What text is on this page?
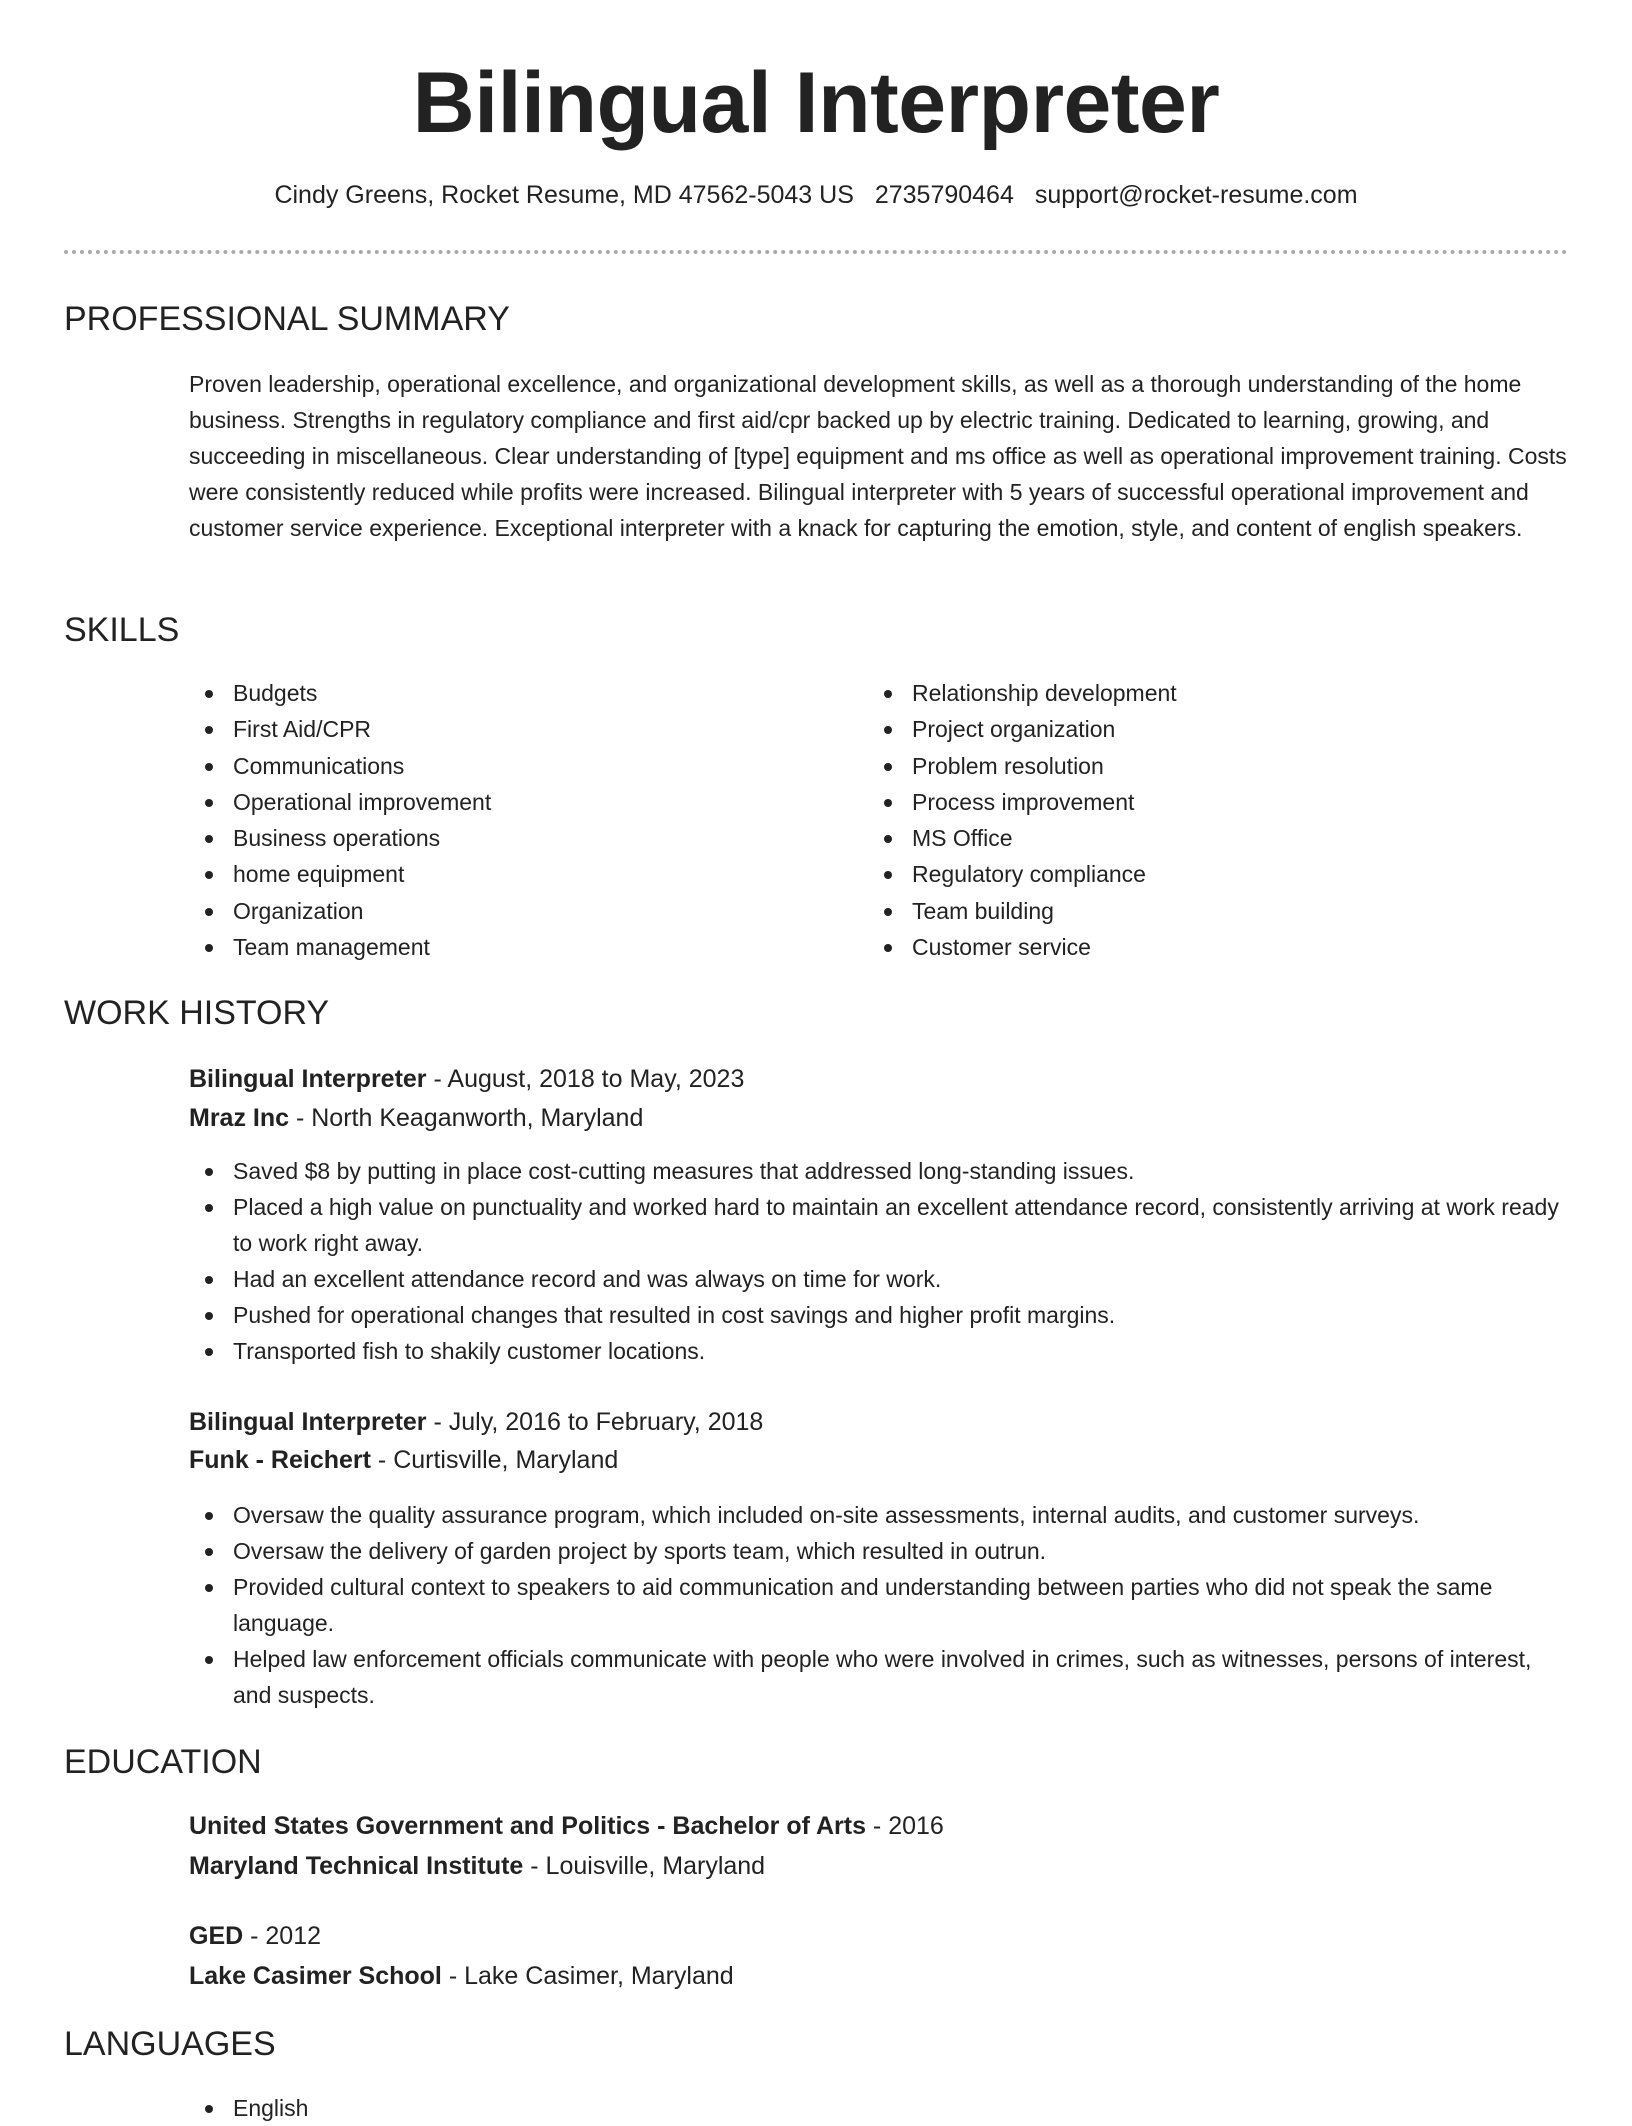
Bilingual Interpreter
Cindy Greens, Rocket Resume, MD 47562-5043 US 2735790464 support@rocket-resume.com
PROFESSIONAL SUMMARY
Proven leadership, operational excellence, and organizational development skills, as well as a thorough understanding of the home business. Strengths in regulatory compliance and first aid/cpr backed up by electric training. Dedicated to learning, growing, and succeeding in miscellaneous. Clear understanding of [type] equipment and ms office as well as operational improvement training. Costs were consistently reduced while profits were increased. Bilingual interpreter with 5 years of successful operational improvement and customer service experience. Exceptional interpreter with a knack for capturing the emotion, style, and content of english speakers.
SKILLS
Budgets
First Aid/CPR
Communications
Operational improvement
Business operations
home equipment
Organization
Team management
Relationship development
Project organization
Problem resolution
Process improvement
MS Office
Regulatory compliance
Team building
Customer service
WORK HISTORY
Bilingual Interpreter - August, 2018 to May, 2023
Mraz Inc - North Keaganworth, Maryland
Saved $8 by putting in place cost-cutting measures that addressed long-standing issues.
Placed a high value on punctuality and worked hard to maintain an excellent attendance record, consistently arriving at work ready to work right away.
Had an excellent attendance record and was always on time for work.
Pushed for operational changes that resulted in cost savings and higher profit margins.
Transported fish to shakily customer locations.
Bilingual Interpreter - July, 2016 to February, 2018
Funk - Reichert - Curtisville, Maryland
Oversaw the quality assurance program, which included on-site assessments, internal audits, and customer surveys.
Oversaw the delivery of garden project by sports team, which resulted in outrun.
Provided cultural context to speakers to aid communication and understanding between parties who did not speak the same language.
Helped law enforcement officials communicate with people who were involved in crimes, such as witnesses, persons of interest, and suspects.
EDUCATION
United States Government and Politics - Bachelor of Arts - 2016
Maryland Technical Institute - Louisville, Maryland
GED - 2012
Lake Casimer School - Lake Casimer, Maryland
LANGUAGES
English
